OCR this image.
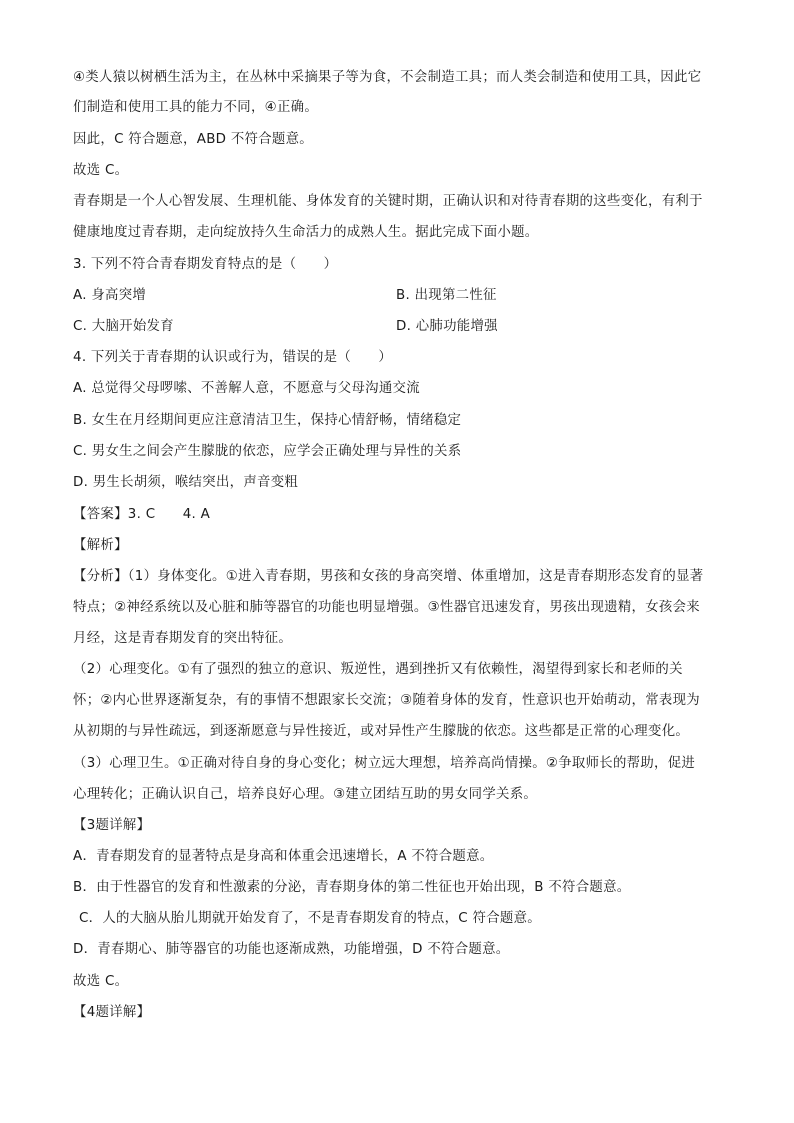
④类人猿以树栖生活为主，在丛林中采摘果子等为食，不会制造工具；而人类会制造和使用工具，因此它
们制造和使用工具的能力不同，④正确。
因此，C 符合题意，ABD 不符合题意。
故选 C。
青春期是一个人心智发展、生理机能、身体发育的关键时期，正确认识和对待青春期的这些变化，有利于
健康地度过青春期，走向绽放持久生命活力的成熟人生。据此完成下面小题。
3. 下列不符合青春期发育特点的是（　　）
A. 身高突增	B. 出现第二性征
C. 大脑开始发育	D. 心肺功能增强
4. 下列关于青春期的认识或行为，错误的是（　　）
A. 总觉得父母啰嗦、不善解人意，不愿意与父母沟通交流
B. 女生在月经期间更应注意清洁卫生，保持心情舒畅，情绪稳定
C. 男女生之间会产生朦胧的依恋，应学会正确处理与异性的关系
D. 男生长胡须，喉结突出，声音变粗
【答案】3. C　　4. A
【解析】
【分析】（1）身体变化。①进入青春期，男孩和女孩的身高突增、体重增加，这是青春期形态发育的显著
特点；②神经系统以及心脏和肺等器官的功能也明显增强。③性器官迅速发育，男孩出现遗精，女孩会来
月经，这是青春期发育的突出特征。
（2）心理变化。①有了强烈的独立的意识、叛逆性，遇到挫折又有依赖性，渴望得到家长和老师的关
怀；②内心世界逐渐复杂，有的事情不想跟家长交流；③随着身体的发育，性意识也开始萌动，常表现为
从初期的与异性疏远，到逐渐愿意与异性接近，或对异性产生朦胧的依恋。这些都是正常的心理变化。
（3）心理卫生。①正确对待自身的身心变化；树立远大理想，培养高尚情操。②争取师长的帮助，促进
心理转化；正确认识自己，培养良好心理。③建立团结互助的男女同学关系。
【3题详解】
A．青春期发育的显著特点是身高和体重会迅速增长，A 不符合题意。
B．由于性器官的发育和性激素的分泌，青春期身体的第二性征也开始出现，B 不符合题意。
C．人的大脑从胎儿期就开始发育了，不是青春期发育的特点，C 符合题意。
D．青春期心、肺等器官的功能也逐渐成熟，功能增强，D 不符合题意。
故选 C。
【4题详解】
